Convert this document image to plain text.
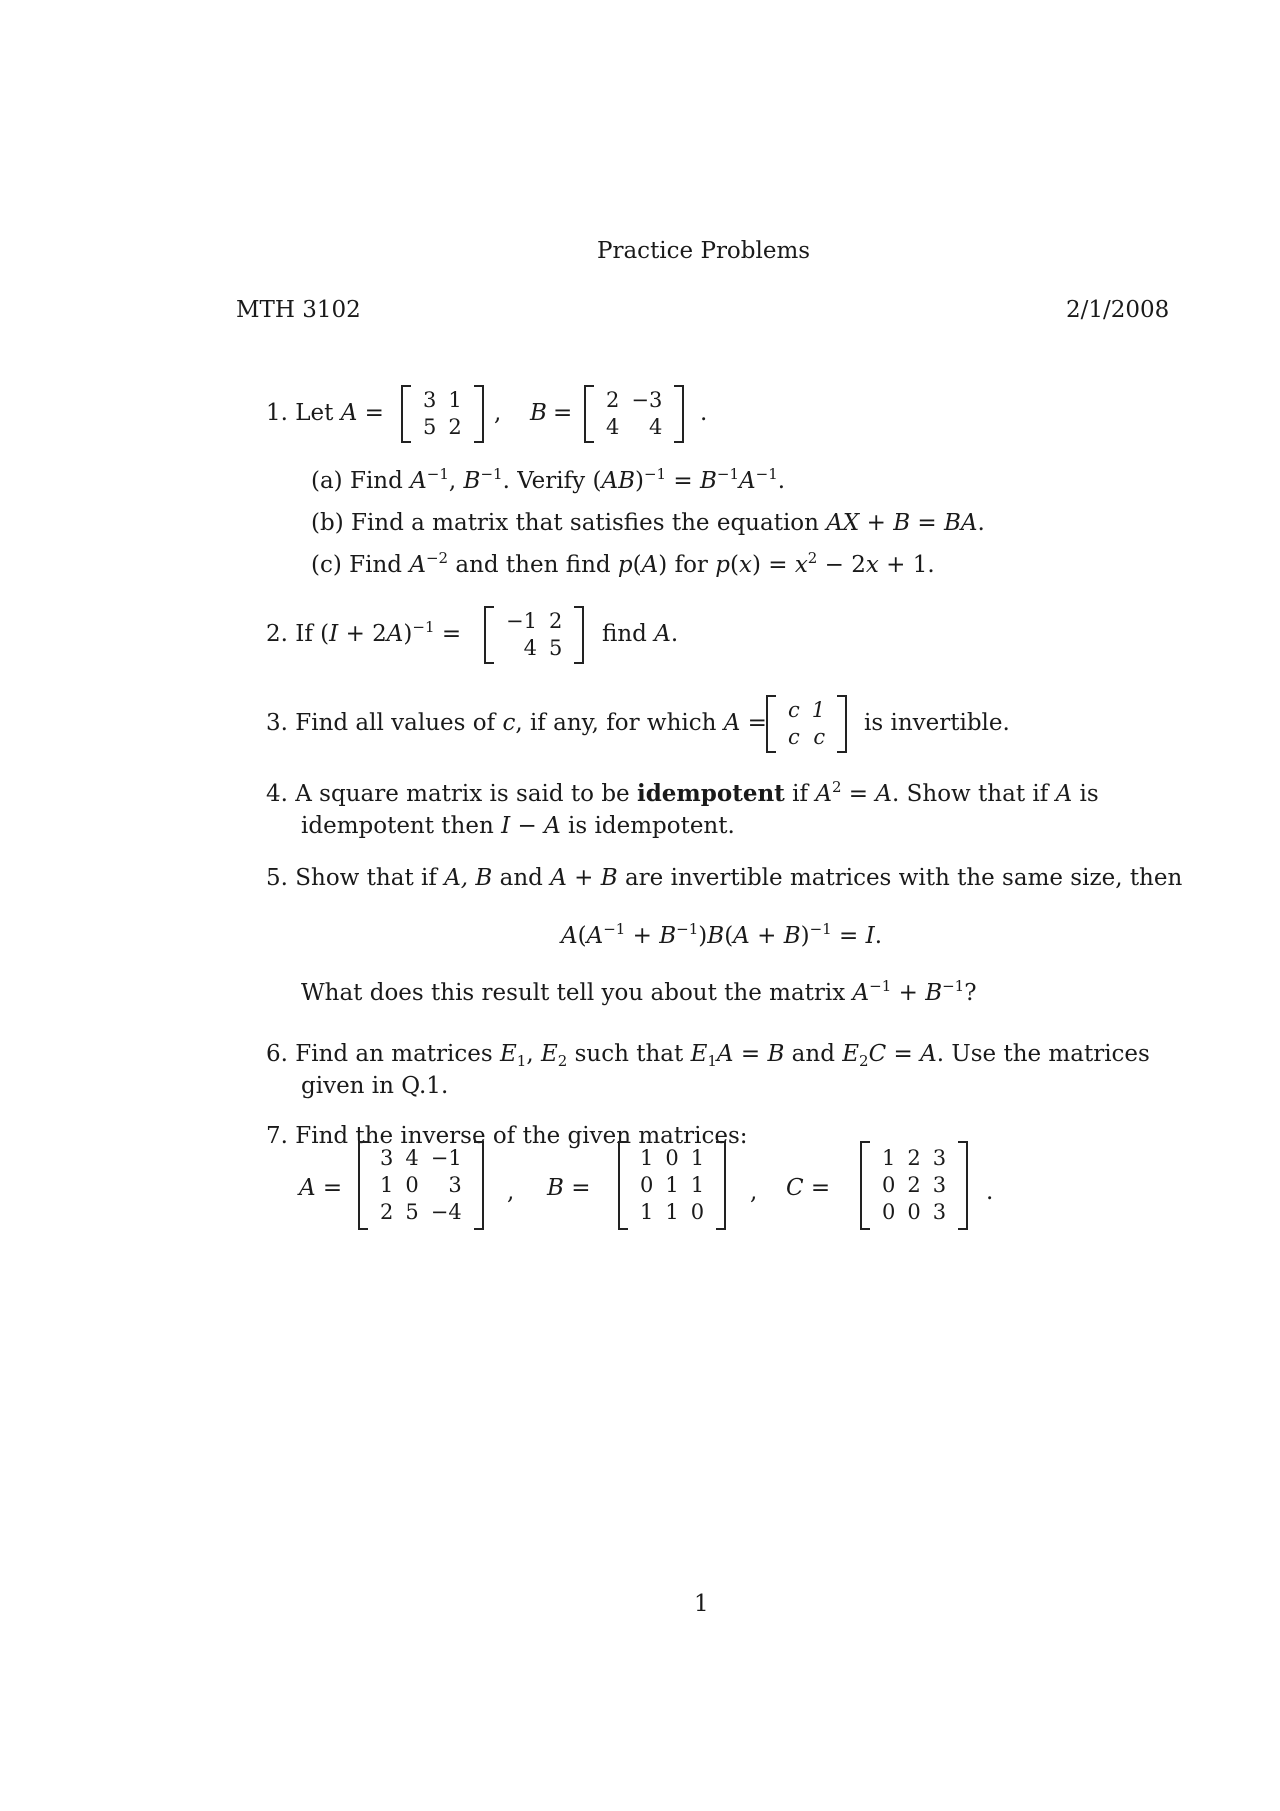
Practice Problems
MTH 3102	2/1/2008
1. Let A = 3 1
5 2
, B = 2 −3
4	4
.
(a) Find $A^{-1}$, $B^{-1}$. Verify $(AB)^{-1} = B^{-1}A^{-1}$.
(b) Find a matrix that satisfies the equation AX + B = BA.
(c) Find $A^{-2}$ and then find p(A) for $p(x) = x^2 - 2x + 1$.
2. If $(I + 2A)^{-1} = -1$ 2
4 5
find A.
3. Find all values of c, if any, for which A = c 1
c c
is invertible.
4. A square matrix is said to be idempotent if $A^2 = A$. Show that if A is
idempotent then I − A is idempotent.
5. Show that if A, B and A + B are invertible matrices with the same size, then
$A(A^{-1} + B^{-1})B(A + B)^{-1} = I$.
What does this result tell you about the matrix $A^{-1} + B^{-1}$?
6. Find an matrices $E_1$, $E_2$ such that $E_1A = B$ and $E_2C = A$. Use the matrices
given in Q.1.
7. Find the inverse of the given matrices:
A =
3 4 −1
1 0	3
2 5 −4
, B =
1 0 1
0 1 1
1 1 0
, C =
1 2 3
0 2 3
0 0 3
.
1
